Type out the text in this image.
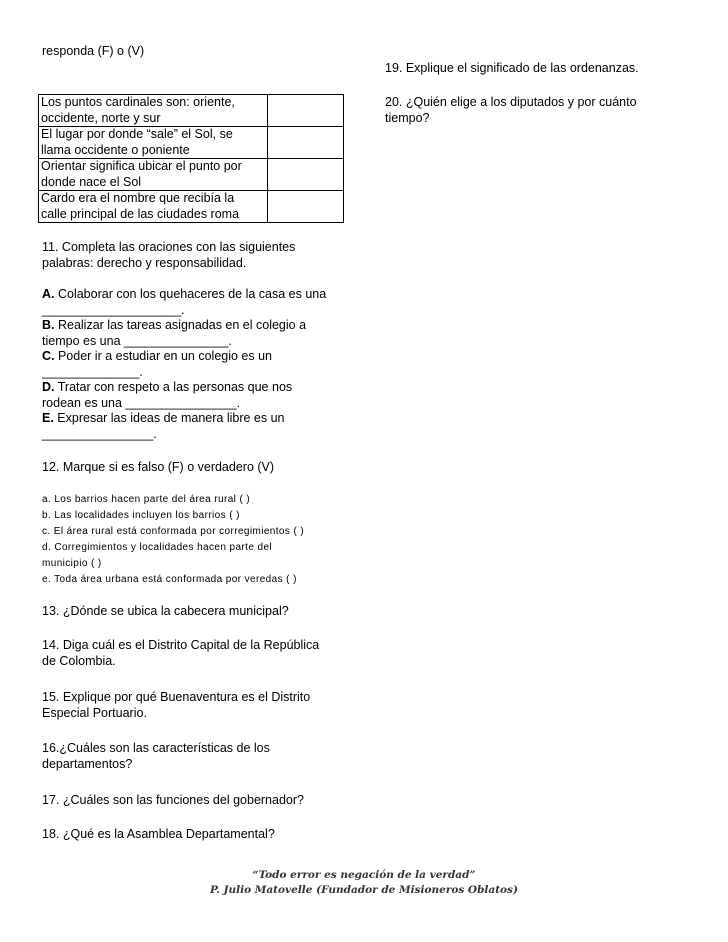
responda (F) o (V)
Los puntos cardinales son: oriente,
occidente, norte y sur	
El lugar por donde “sale” el Sol, se
llama occidente o poniente	
Orientar significa ubicar el punto por
donde nace el Sol	
Cardo era el nombre que recibía la
calle principal de las ciudades roma	
11. Completa las oraciones con las siguientes
palabras: derecho y responsabilidad.
A. Colaborar con los quehaceres de la casa es una
____________________.
B. Realizar las tareas asignadas en el colegio a
tiempo es una _______________.
C. Poder ir a estudiar en un colegio es un
______________.
D. Tratar con respeto a las personas que nos
rodean es una ________________.
E. Expresar las ideas de manera libre es un
________________.
12. Marque si es falso (F) o verdadero (V)
a. Los barrios hacen parte del área rural ( )
b. Las localidades incluyen los barrios ( )
c. El área rural está conformada por corregimientos ( )
d. Corregimientos y localidades hacen parte del
municipio ( )
e. Toda área urbana está conformada por veredas ( )
13. ¿Dónde se ubica la cabecera municipal?
14. Diga cuál es el Distrito Capital de la República
de Colombia.
15. Explique por qué Buenaventura es el Distrito
Especial Portuario.
16.¿Cuáles son las características de los
departamentos?
17. ¿Cuáles son las funciones del gobernador?
18. ¿Qué es la Asamblea Departamental?
19. Explique el significado de las ordenanzas.
20. ¿Quién elige a los diputados y por cuánto
tiempo?
“Todo error es negación de la verdad”
P. Julio Matovelle (Fundador de Misioneros Oblatos)
